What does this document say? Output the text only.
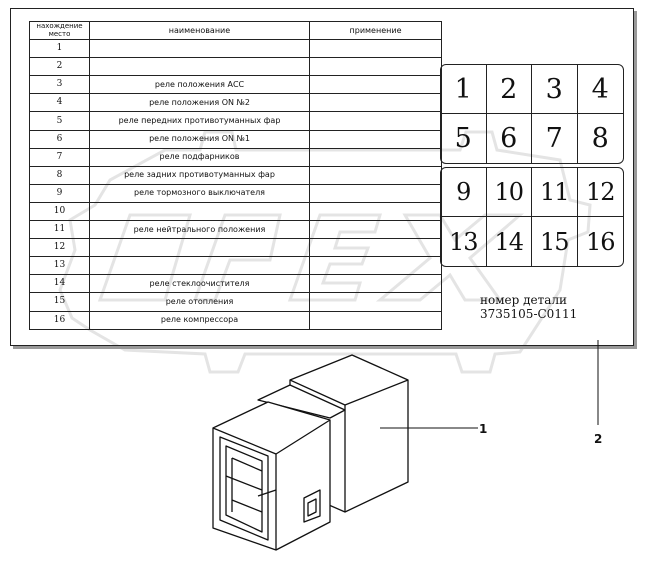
нахождение место	наименование	применение
1		
2		
3	реле положения АСС	
4	реле положения ON №2	
5	реле передних противотуманных фар	
6	реле положения ON №1	
7	реле подфарников	
8	реле задних противотуманных фар	
9	реле тормозного выключателя	
10		
11	реле нейтрального положения	
12		
13		
14	реле стеклоочистителя	
15	реле отопления	
16	реле компрессора	
1	2	3	4
5	6	7	8
9	10 11 12
13 14 15 16
номер детали
3735105-C0111
1
2
